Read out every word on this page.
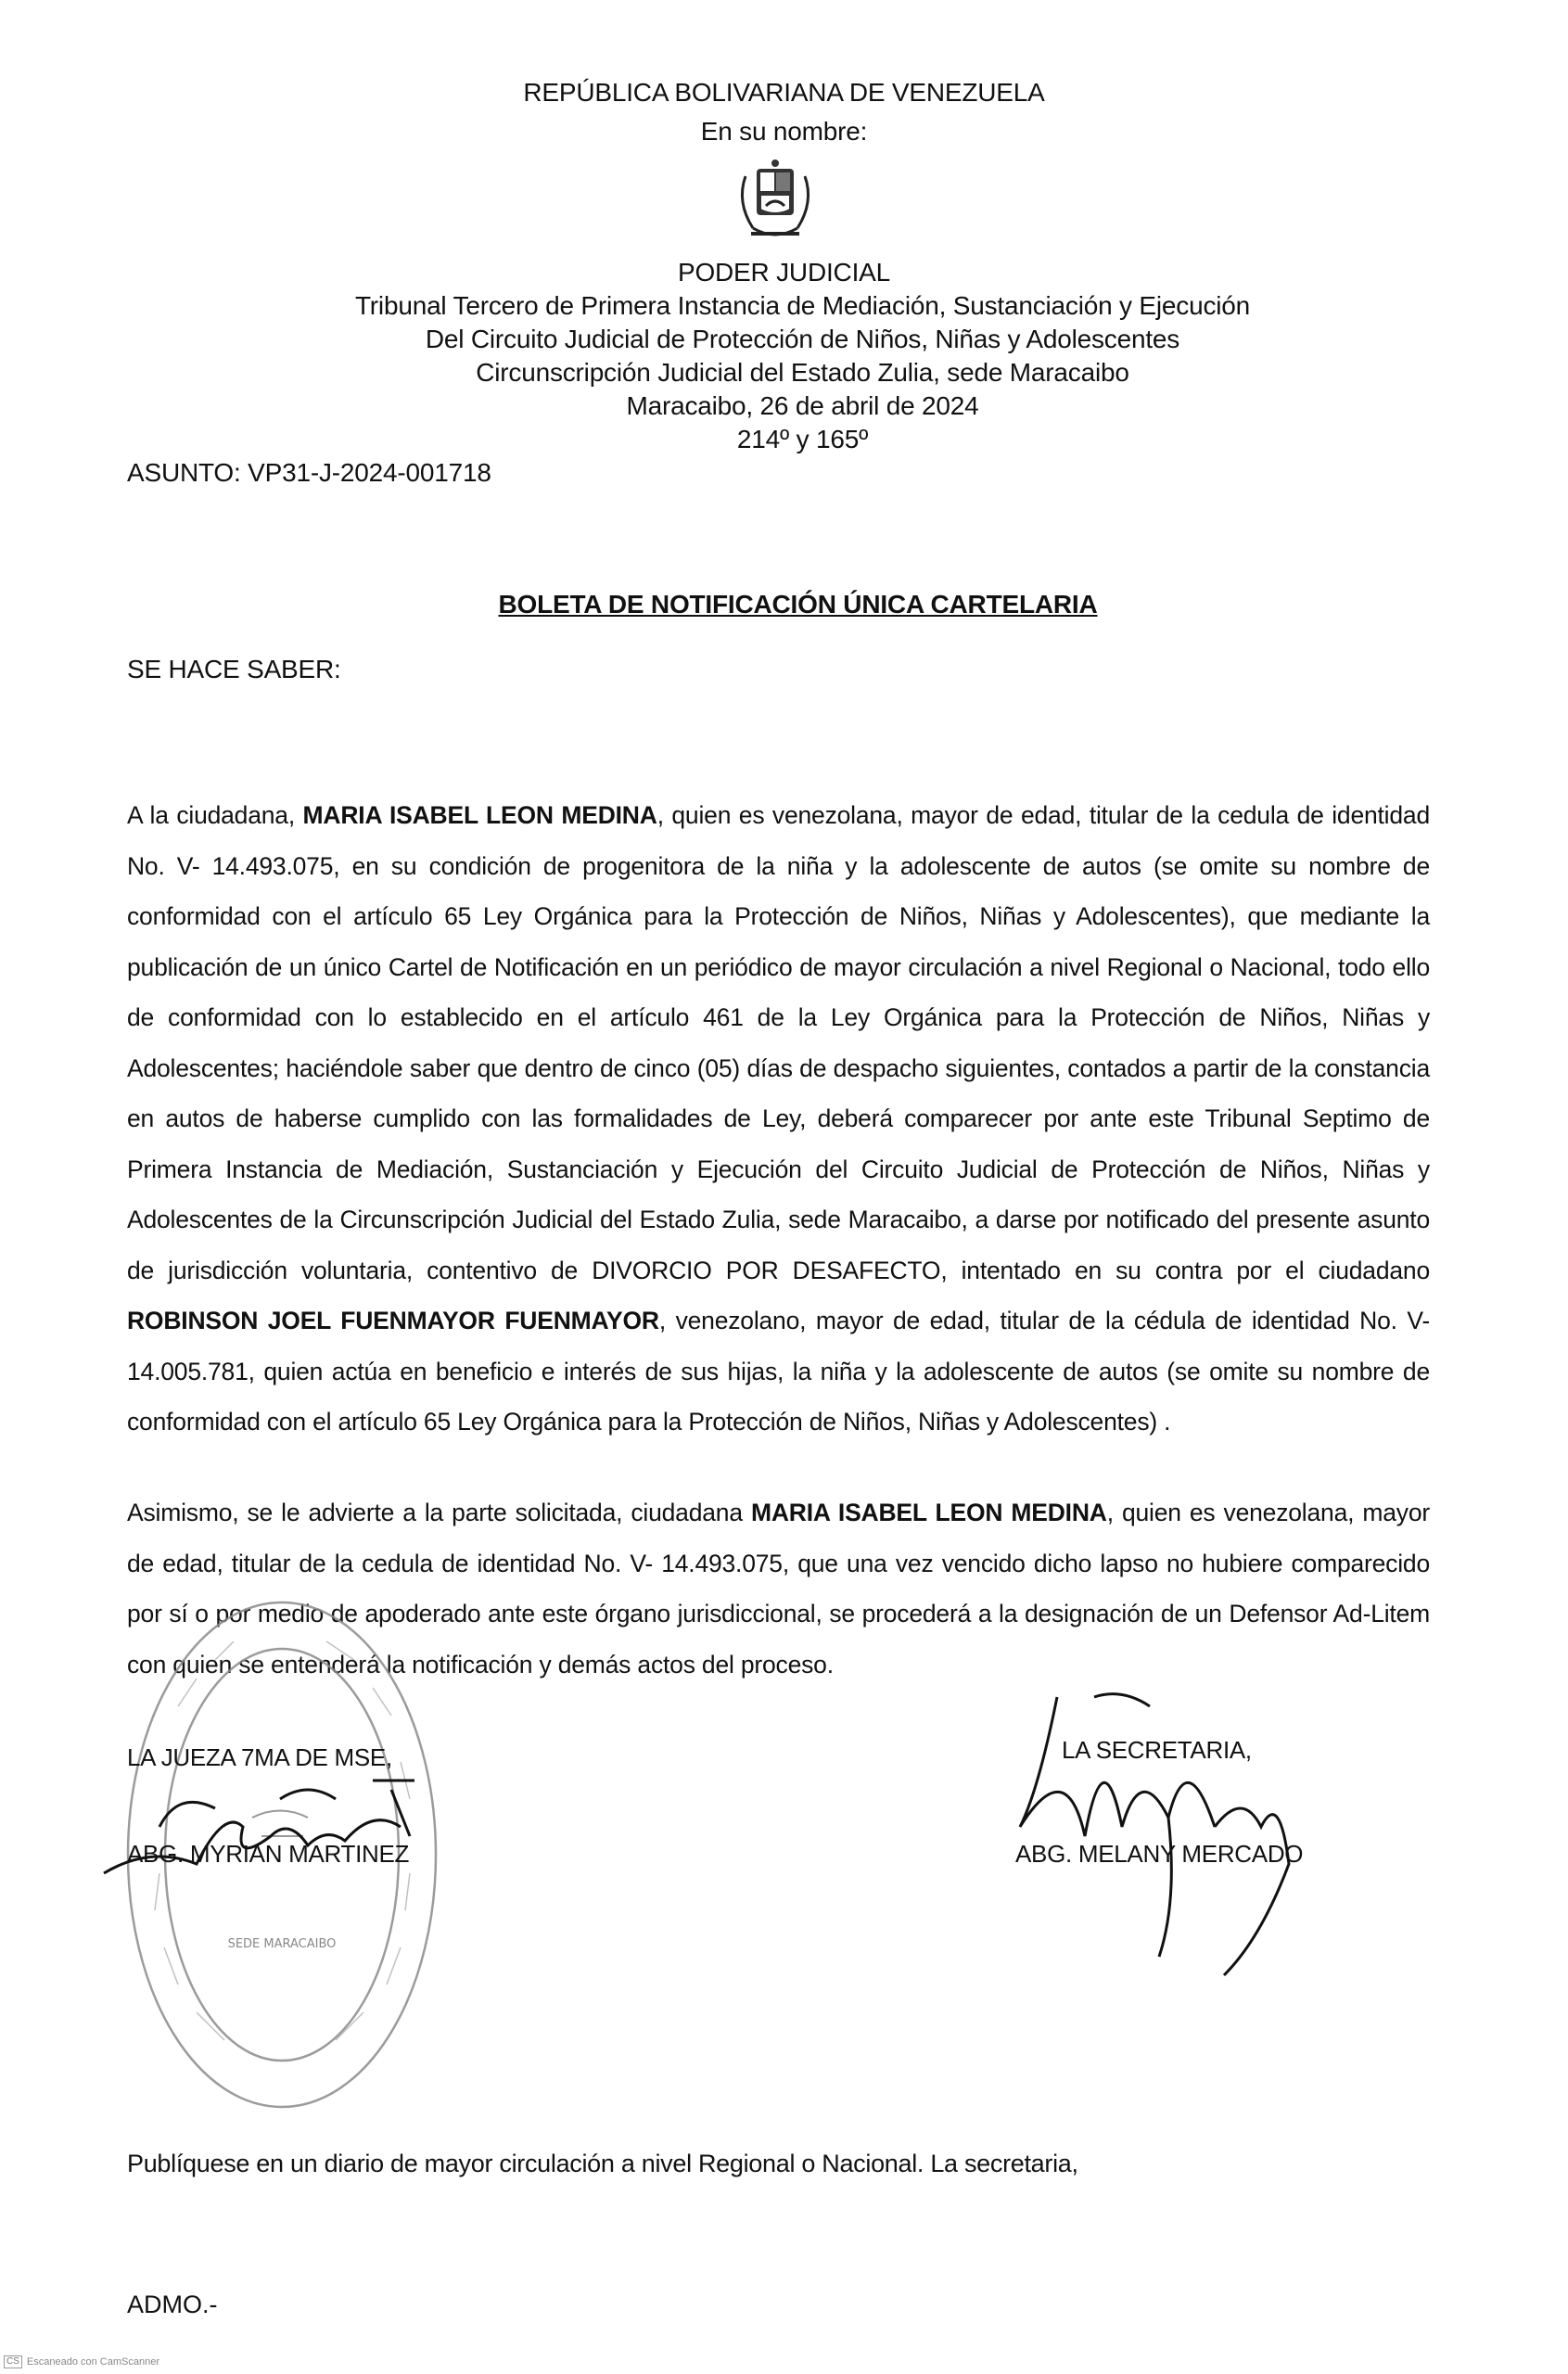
REPÚBLICA BOLIVARIANA DE VENEZUELA
En su nombre:
PODER JUDICIAL
Tribunal Tercero de Primera Instancia de Mediación, Sustanciación y Ejecución
Del Circuito Judicial de Protección de Niños, Niñas y Adolescentes
Circunscripción Judicial del Estado Zulia, sede Maracaibo
Maracaibo, 26 de abril de 2024
214º y 165º
ASUNTO: VP31-J-2024-001718
BOLETA DE NOTIFICACIÓN ÚNICA CARTELARIA
SE HACE SABER:
A la ciudadana, MARIA ISABEL LEON MEDINA, quien es venezolana, mayor de edad, titular de la cedula de identidad No. V- 14.493.075, en su condición de progenitora de la niña y la adolescente de autos (se omite su nombre de conformidad con el artículo 65 Ley Orgánica para la Protección de Niños, Niñas y Adolescentes), que mediante la publicación de un único Cartel de Notificación en un periódico de mayor circulación a nivel Regional o Nacional, todo ello de conformidad con lo establecido en el artículo 461 de la Ley Orgánica para la Protección de Niños, Niñas y Adolescentes; haciéndole saber que dentro de cinco (05) días de despacho siguientes, contados a partir de la constancia en autos de haberse cumplido con las formalidades de Ley, deberá comparecer por ante este Tribunal Septimo de Primera Instancia de Mediación, Sustanciación y Ejecución del Circuito Judicial de Protección de Niños, Niñas y Adolescentes de la Circunscripción Judicial del Estado Zulia, sede Maracaibo, a darse por notificado del presente asunto de jurisdicción voluntaria, contentivo de DIVORCIO POR DESAFECTO, intentado en su contra por el ciudadano ROBINSON JOEL FUENMAYOR FUENMAYOR, venezolano, mayor de edad, titular de la cédula de identidad No. V- 14.005.781, quien actúa en beneficio e interés de sus hijas, la niña y la adolescente de autos (se omite su nombre de conformidad con el artículo 65 Ley Orgánica para la Protección de Niños, Niñas y Adolescentes) .
Asimismo, se le advierte a la parte solicitada, ciudadana MARIA ISABEL LEON MEDINA, quien es venezolana, mayor de edad, titular de la cedula de identidad No. V- 14.493.075, que una vez vencido dicho lapso no hubiere comparecido por sí o por medio de apoderado ante este órgano jurisdiccional, se procederá a la designación de un Defensor Ad-Litem con quien se entenderá la notificación y demás actos del proceso.
SEDE MARACAIBO
LA JUEZA 7MA DE MSE,
ABG. MYRIAN MARTINEZ
LA SECRETARIA,
ABG. MELANY MERCADO
Publíquese en un diario de mayor circulación a nivel Regional o Nacional. La secretaria,
ADMO.-
CS Escaneado con CamScanner
